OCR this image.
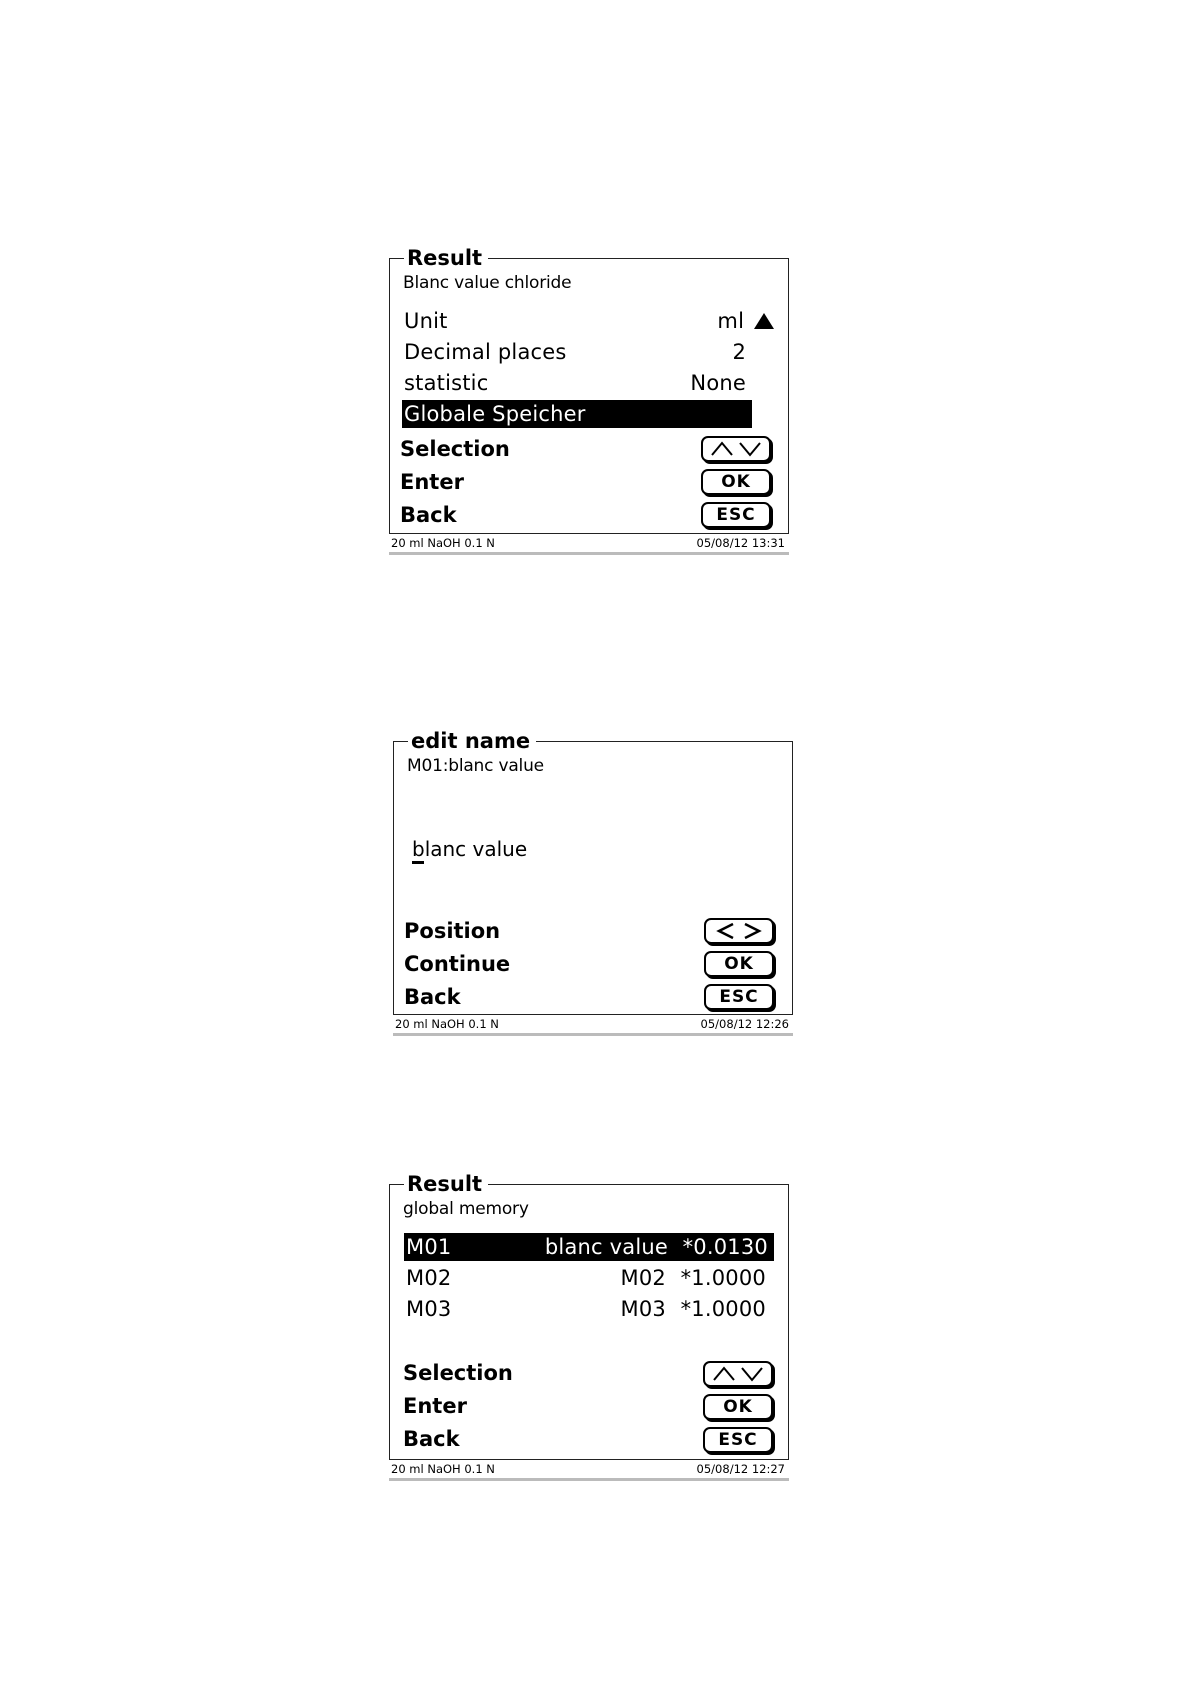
Result
Blanc value chloride
Unit	ml
Decimal places	2
statistic	None
Globale Speicher
Selection
Enter	OK
Back	ESC
20 ml NaOH 0.1 N	05/08/12 13:31
edit name
M01:blanc value
blanc value
Position
Continue	OK
Back	ESC
20 ml NaOH 0.1 N	05/08/12 12:26
Result
global memory
M01	blanc value *0.0130
M02	M02 *1.0000
M03	M03 *1.0000
Selection
Enter	OK
Back	ESC
20 ml NaOH 0.1 N	05/08/12 12:27
